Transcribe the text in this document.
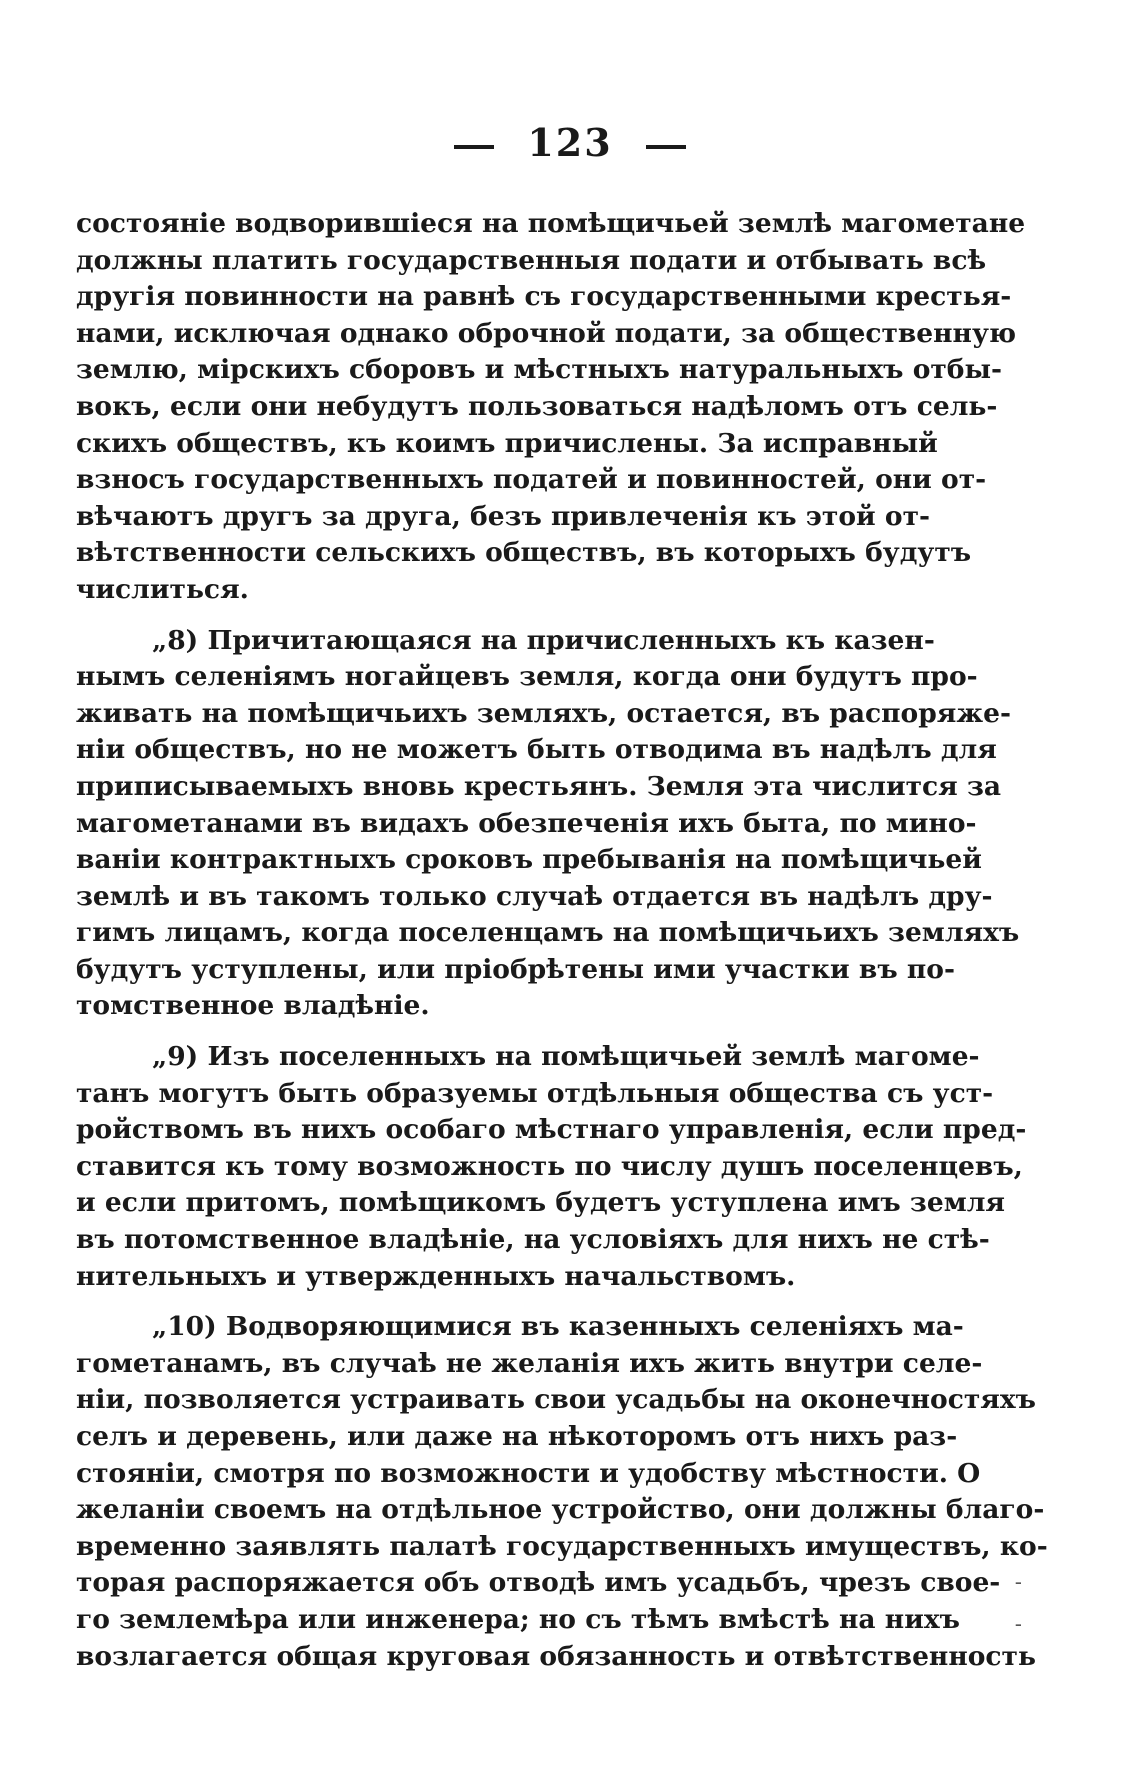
123
состояніе водворившіеся на помѣщичьей землѣ магометане
должны платить государственныя подати и отбывать всѣ
другія повинности на равнѣ съ государственными крестья-
нами, исключая однако оброчной подати, за общественную
землю, мірскихъ сборовъ и мѣстныхъ натуральныхъ отбы-
вокъ, если они небудутъ пользоваться надѣломъ отъ сель-
скихъ обществъ, къ коимъ причислены. За исправный
взносъ государственныхъ податей и повинностей, они от-
вѣчаютъ другъ за друга, безъ привлеченія къ этой от-
вѣтственности сельскихъ обществъ, въ которыхъ будутъ
числиться.
„8) Причитающаяся на причисленныхъ къ казен-
нымъ селеніямъ ногайцевъ земля, когда они будутъ про-
живать на помѣщичьихъ земляхъ, остается, въ распоряже-
ніи обществъ, но не можетъ быть отводима въ надѣлъ для
приписываемыхъ вновь крестьянъ. Земля эта числится за
магометанами въ видахъ обезпеченія ихъ быта, по мино-
ваніи контрактныхъ сроковъ пребыванія на помѣщичьей
землѣ и въ такомъ только случаѣ отдается въ надѣлъ дру-
гимъ лицамъ, когда поселенцамъ на помѣщичьихъ земляхъ
будутъ уступлены, или пріобрѣтены ими участки въ по-
томственное владѣніе.
„9) Изъ поселенныхъ на помѣщичьей землѣ магоме-
танъ могутъ быть образуемы отдѣльныя общества съ уст-
ройствомъ въ нихъ особаго мѣстнаго управленія, если пред-
ставится къ тому возможность по числу душъ поселенцевъ,
и если притомъ, помѣщикомъ будетъ уступлена имъ земля
въ потомственное владѣніе, на условіяхъ для нихъ не стѣ-
нительныхъ и утвержденныхъ начальствомъ.
„10) Водворяющимися въ казенныхъ селеніяхъ ма-
гометанамъ, въ случаѣ не желанія ихъ жить внутри селе-
ніи, позволяется устраивать свои усадьбы на оконечностяхъ
селъ и деревень, или даже на нѣкоторомъ отъ нихъ раз-
стояніи, смотря по возможности и удобству мѣстности. О
желаніи своемъ на отдѣльное устройство, они должны благо-
временно заявлять палатѣ государственныхъ имуществъ, ко-
торая распоряжается объ отводѣ имъ усадьбъ, чрезъ свое-
го землемѣра или инженера; но съ тѣмъ вмѣстѣ на нихъ
возлагается общая круговая обязанность и отвѣтственность
-
-
